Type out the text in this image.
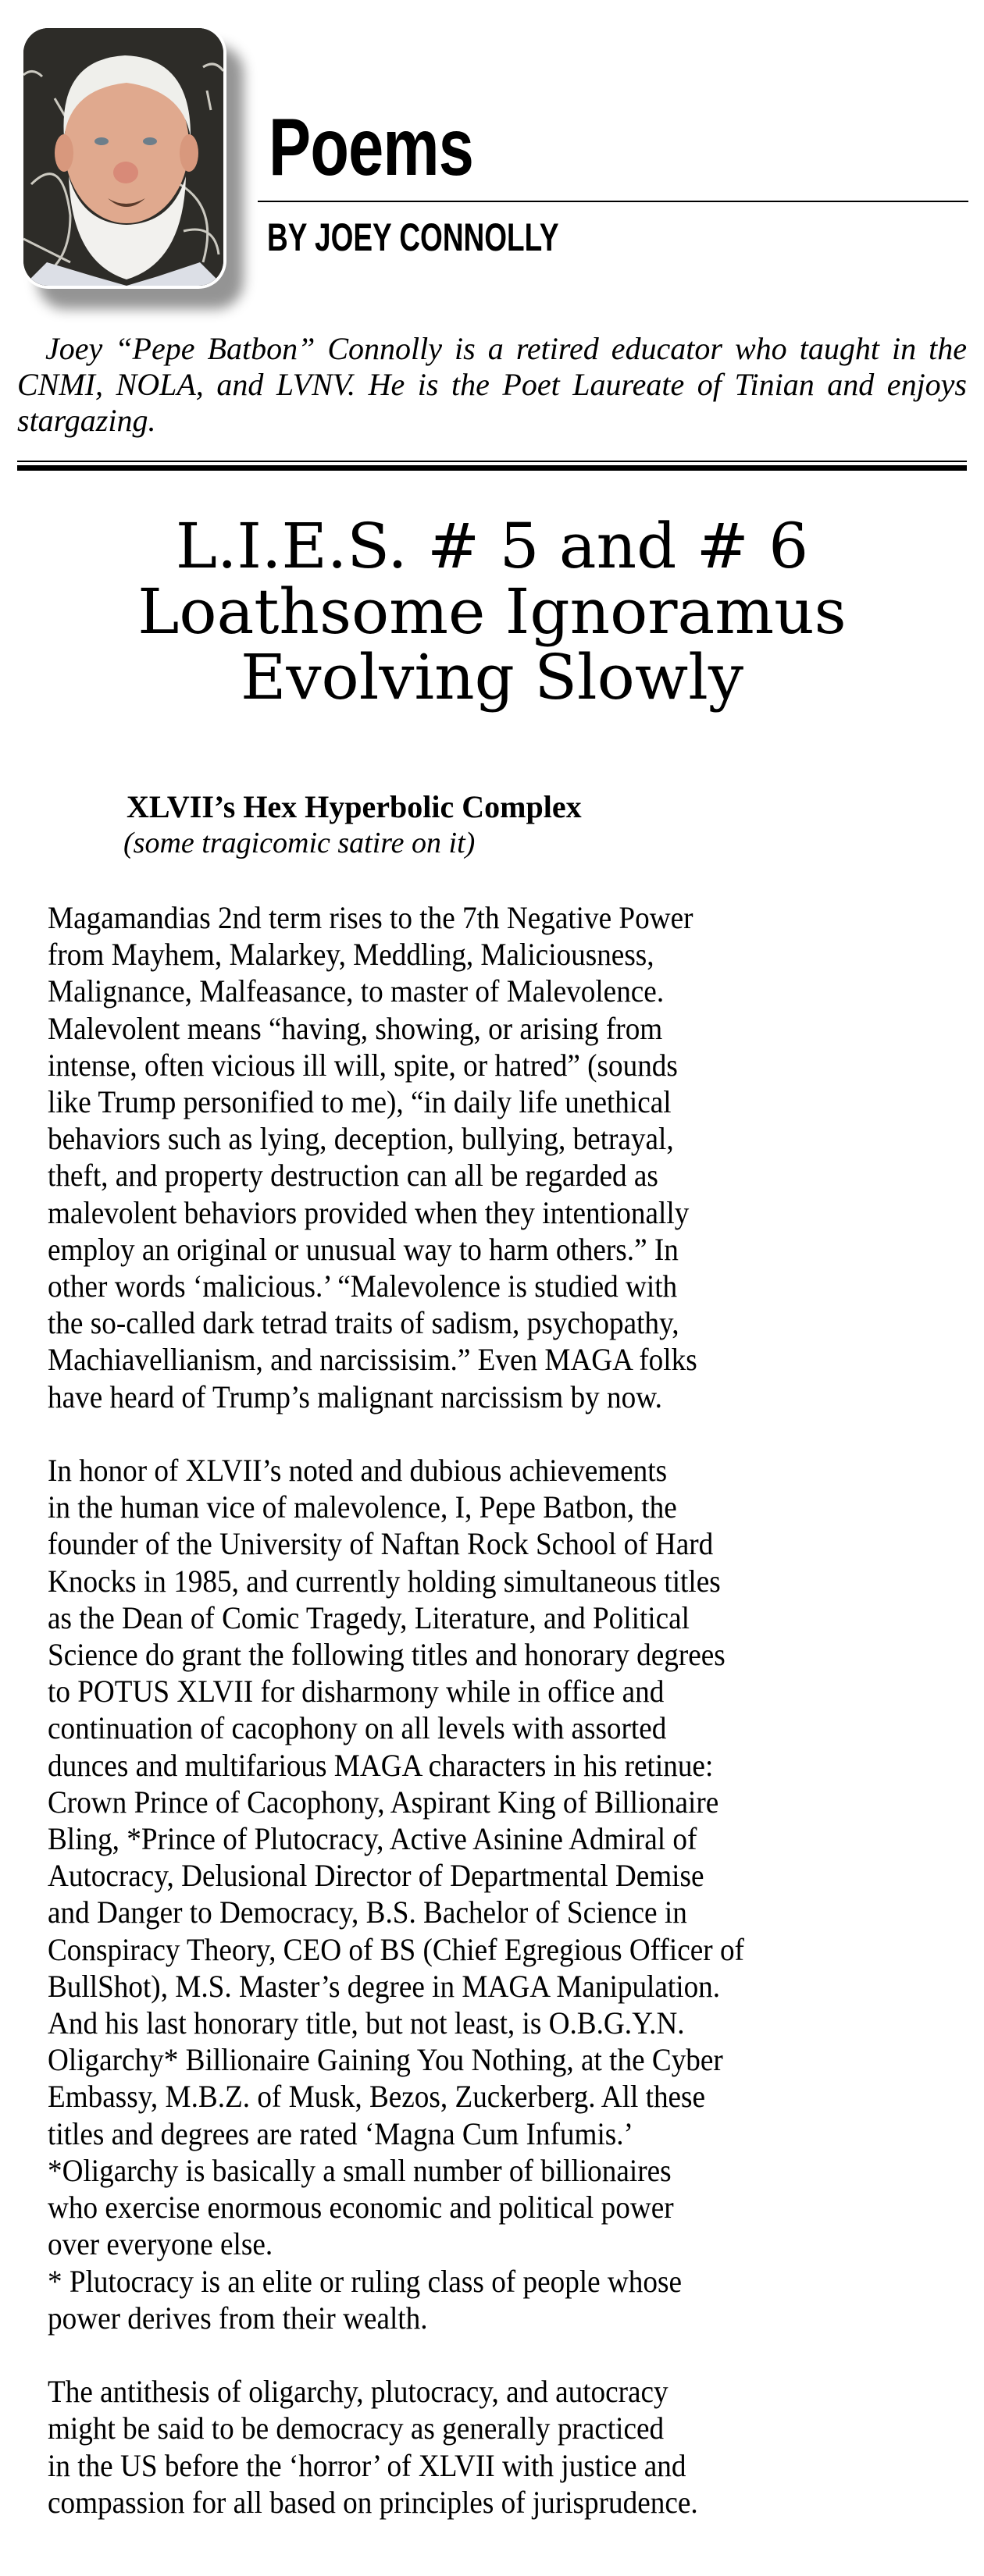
Poems
BY JOEY CONNOLLY

Joey “Pepe Batbon” Connolly is a retired educator who taught in the CNMI, NOLA, and LVNV. He is the Poet Laureate of Tinian and enjoys stargazing.

L.I.E.S. # 5 and # 6
Loathsome Ignoramus
Evolving Slowly
XLVII’s Hex Hyperbolic Complex
(some tragicomic satire on it)

Magamandias 2nd term rises to the 7th Negative Power
from Mayhem, Malarkey, Meddling, Maliciousness,
Malignance, Malfeasance, to master of Malevolence.
Malevolent means “having, showing, or arising from
intense, often vicious ill will, spite, or hatred” (sounds
like Trump personified to me), “in daily life unethical
behaviors such as lying, deception, bullying, betrayal,
theft, and property destruction can all be regarded as
malevolent behaviors provided when they intentionally
employ an original or unusual way to harm others.” In
other words ‘malicious.’ “Malevolence is studied with
the so-called dark tetrad traits of sadism, psychopathy,
Machiavellianism, and narcissisim.” Even MAGA folks
have heard of Trump’s malignant narcissism by now.

In honor of XLVII’s noted and dubious achievements
in the human vice of malevolence, I, Pepe Batbon, the
founder of the University of Naftan Rock School of Hard
Knocks in 1985, and currently holding simultaneous titles
as the Dean of Comic Tragedy, Literature, and Political
Science do grant the following titles and honorary degrees
to POTUS XLVII for disharmony while in office and
continuation of cacophony on all levels with assorted
dunces and multifarious MAGA characters in his retinue:
Crown Prince of Cacophony, Aspirant King of Billionaire
Bling, *Prince of Plutocracy, Active Asinine Admiral of
Autocracy, Delusional Director of Departmental Demise
and Danger to Democracy, B.S. Bachelor of Science in
Conspiracy Theory, CEO of BS (Chief Egregious Officer of
BullShot), M.S. Master’s degree in MAGA Manipulation.
And his last honorary title, but not least, is O.B.G.Y.N.
Oligarchy* Billionaire Gaining You Nothing, at the Cyber
Embassy, M.B.Z. of Musk, Bezos, Zuckerberg. All these
titles and degrees are rated ‘Magna Cum Infumis.’
*Oligarchy is basically a small number of billionaires
who exercise enormous economic and political power
over everyone else.
* Plutocracy is an elite or ruling class of people whose
power derives from their wealth.

The antithesis of oligarchy, plutocracy, and autocracy
might be said to be democracy as generally practiced
in the US before the ‘horror’ of XLVII with justice and
compassion for all based on principles of jurisprudence.
